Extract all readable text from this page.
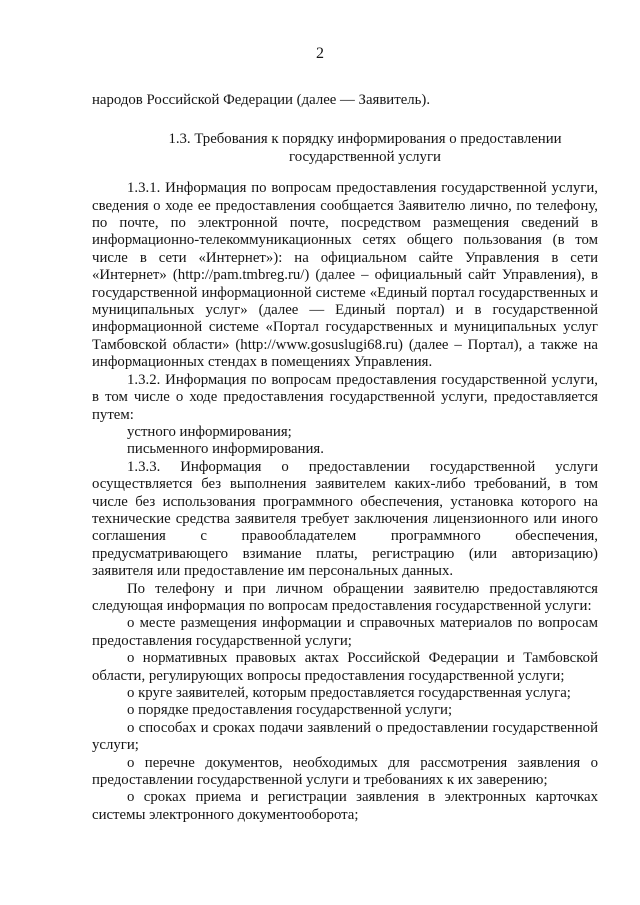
2

народов Российской Федерации (далее — Заявитель).

1.3. Требования к порядку информирования о предоставлении
государственной услуги

1.3.1. Информация по вопросам предоставления государственной услуги, сведения о ходе ее предоставления сообщается Заявителю лично, по телефону, по почте, по электронной почте, посредством размещения сведений в информационно-телекоммуникационных сетях общего пользования (в том числе в сети «Интернет»): на официальном сайте Управления в сети «Интернет» (http://pam.tmbreg.ru/) (далее – официальный сайт Управления), в государственной информационной системе «Единый портал государственных и муниципальных услуг» (далее — Единый портал) и в государственной информационной системе «Портал государственных и муниципальных услуг Тамбовской области» (http://www.gosuslugi68.ru) (далее – Портал), а также на информационных стендах в помещениях Управления.

1.3.2. Информация по вопросам предоставления государственной услуги, в том числе о ходе предоставления государственной услуги, предоставляется путем:

устного информирования;

письменного информирования.

1.3.3. Информация о предоставлении государственной услуги осуществляется без выполнения заявителем каких-либо требований, в том числе без использования программного обеспечения, установка которого на технические средства заявителя требует заключения лицензионного или иного соглашения с правообладателем программного обеспечения, предусматривающего взимание платы, регистрацию (или авторизацию) заявителя или предоставление им персональных данных.

По телефону и при личном обращении заявителю предоставляются следующая информация по вопросам предоставления государственной услуги:

о месте размещения информации и справочных материалов по вопросам предоставления государственной услуги;

о нормативных правовых актах Российской Федерации и Тамбовской области, регулирующих вопросы предоставления государственной услуги;

о круге заявителей, которым предоставляется государственная услуга;

о порядке предоставления государственной услуги;

о способах и сроках подачи заявлений о предоставлении государственной услуги;

о перечне документов, необходимых для рассмотрения заявления о предоставлении государственной услуги и требованиях к их заверению;

о сроках приема и регистрации заявления в электронных карточках системы электронного документооборота;
